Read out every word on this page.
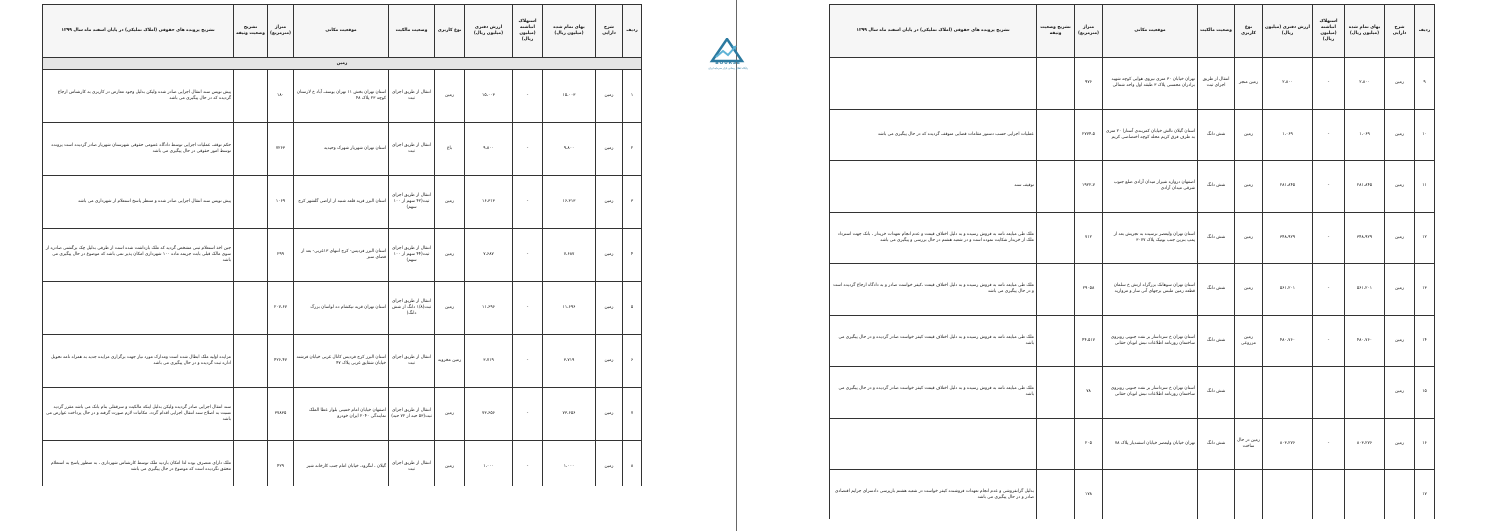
ردیف	شرح دارایی	بهای تمام شده (میلیون ریال)	استهلاک انباشته (میلیون ریال)	ارزش دفتری (میلیون ریال)	نوع کاربری	وضعیت مالکیت	موقعیت مکانی	متراژ (مترمربع)	تشریح وضعیت وثیقه	تشریح پرونده های حقوقی (املاک تملیکی) در پایان اسفند ماه سال ۱۳۹۹
زمین										
۱	زمین	۱۵،۰۰۳	-	۱۵،۰۰۳	زمین	انتقال از طریق اجرای ثبت	استان تهران بخش ۱۱ تهران یوسف آباد خ لارستان کوچه ۲۳ پلاک ۴۸	۱۸۰		پیش نویس سند انتقال اجرایی صادر شده ولیکن بدلیل وجود معارض در کاربری به کارشناس ارجاع گردیده که در حال پیگیری می باشد
۲	زمین	۹،۸۰۰	-	۹،۸۰۰	باغ	انتقال از طریق اجرای ثبت	استان تهران شهریار شهرک وحیدیه	۷۲۶۳		حکم توقف عملیات اجرایی توسط دادگاه عمومی حقوقی شهرستان شهریار صادر گردیده است پرونده توسط امور حقوقی در حال پیگیری می باشد
۳	زمین	۱۶،۳۱۳	-	۱۶،۳۱۳	زمین	انتقال از طریق اجرای ثبت(۴۲ سهم از ۱۰۰ سهم)	استان البرز قریه قلعه شنبه از اراضی گلشهر کرج	۱۰۶۹		پیش نویس سند انتقال اجرایی صادر شده و منتظر پاسخ استعلام از شهرداری می باشد
۴	زمین	۷،۶۸۷	-	۷،۶۸۷	زمین	انتقال از طریق اجرای ثبت(۴۴ سهم از ۱۰۰ سهم)	استان البرز فردیس- کرج انتهای ۱۳غربی- بعد از فضای سبز	۲۹۹		جبن اخذ استعلام ثبتی مشخص گردید که ملک بازداشت شده است از طرفی بدلیل چک برگشتی صادره از سوی مالک قبلی بابت جریمه ماده ۱۰۰ شهرداری امکان پذیر نمی باشد که موضوع در حال پیگیری می باشد
۵	زمین	۱۱،۶۹۶	-	۱۱،۶۹۶	زمین	انتقال از طریق اجرای ثبت(۱/۸ دانگ از شش دانگ)	استان تهران قریه تیکشام ده لواسان بزرگ	۲۰۷،۶۷		
۶	زمین	۳،۷۱۹	-	۳،۷۱۹	زمین مخروبه	انتقال از طریق اجرای ثبت	استان البرز کرج فردیس کانال غربی خیابان فرشته خیابان شقایق غربی پلاک ۴۷	۴۲۶،۴۷		مزایده اولیه ملک ابطال شده است ومدارک مورد نیاز جهت برگزاری مزایده جدید به همراه نامه تحویل اداره ثبت گردیده و در حال پیگیری می باشد
۷	زمین	۷۳،۶۵۶	-	۷۳،۶۵۶	زمین	انتقال از طریق اجرای ثبت(۵۳ حبه از ۷۲ حبه)	اصفهان خیابان امام خمینی بلوار عطا الملک نمایندگی ۲۰۴۰ ایران خودرو	۳۷۸۳۵		سند انتقال اجرایی صادر گردیده ولیکن بدلیل اینکه مالکیت و سرقفلی بنام بانک می باشد مقرر گردید نسبت به اصلاح سند انتقال اجرایی اقدام گردد. مکاتبات لازم صورت گرفته و در حال پرداخت عوارض می باشد
۸	زمین	۱،۰۰۰	-	۱،۰۰۰	زمین	انتقال از طریق اجرای ثبت	گیلان ، لنگرود، خیابان امام جنب کارخانه شیر	۴۲۹		ملک دارای متصرف بوده لذا امکان بازدید ملک توسط کارشناس شهرداری ، به منظور پاسخ به استعلام محقق نگردیده است که موضوع در حال پیگیری می باشد
BOURSE
پایگاه اطلاع رسانی بازار سرمایه ایران
ردیف	شرح دارایی	بهای تمام شده (میلیون ریال)	استهلاک انباشته (میلیون ریال)	ارزش دفتری (میلیون ریال)	نوع کاربری	وضعیت مالکیت	موقعیت مکانی	متراژ (مترمربع)	تشریح وضعیت وثیقه	تشریح پرونده های حقوقی (املاک تملیکی) در پایان اسفند ماه سال ۱۳۹۹
۹	زمین	۲،۸۰۰	-	۲،۸۰۰	زمین منجر	انتقال از طریق اجرای ثبت	تهران خیابان ۳۰ متری نیروی هوایی کوچه شهید برادران محسنی پلاک ۳ طبقه اول واحد شمالی	۹۷۶		
۱۰	زمین	۱،۰۶۹	-	۱،۰۶۹	زمین	شش دانگ	استان گیلان تالش خیابان کمربندی آستارا ۲۰ متری به طرف فرق کریم محله کوچه اختصاصی کریم	۲۷۷۴،۵		عملیات اجرایی حسب دستور مقامات قضایی متوقف گردیده که در حال پیگیری می باشد
۱۱	زمین	۲۸۱،۸۴۵	-	۲۸۱،۸۴۵	زمین	شش دانگ	اصفهان دروازه شیراز میدان آزادی ضلع جنوب شرقی میدان آزادی	۱۹۲۲،۷		توقیف سند
۱۲	زمین	۳۴۸،۹۲۹	-	۳۴۸،۹۲۹	زمین	شش دانگ	استان تهران ولیعصر نرسیده به تجریش بعد از پمپ بنزین جنب بوتیک پلاک ۳۰۷۷	۷۱۲		ملک طی مبایعه نامه به فروش رسیده و به دلیل اختلاف قیمت و عدم انجام تعهدات خریدار ، بانک جهت استرداد ملک از خریدار شکایت نموده است و در شعبه هشتم در حال بررسی و پیگیری می باشد
۱۳	زمین	۵۶۱،۲۰۱	-	۵۶۱،۲۰۱	زمین	شش دانگ	استان تهران سوهانک بزرگراه ارتش خ سلمان قطعه زمین ملبس برجهای آتی ساز و مروارید	۲۹۰۵۸		ملک طی مبایعه نامه به فروش رسیده و به دلیل اختلاف قیمت ،کیفر خواست صادر و به دادگاه ارجاع گردیده است و در حال پیگیری می باشد
۱۴	زمین	۴۸۰،۷۶۰	-	۴۸۰،۷۶۰	زمین مزروعی	شش دانگ	استان تهران خ سرداسار بر نفت جنوبی روبروی ساختمان روزنامه اطلاعات نبش اتوبان حقانی	۴۴،۵۱۷		ملک طی مبایعه نامه به فروش رسیده و به دلیل اختلاف قیمت کیفر خواست صادر گردیده و در حال پیگیری می باشد
۱۵	زمین					شش دانگ	استان تهران خ سرداسار بر نفت جنوبی روبروی ساختمان روزنامه اطلاعات نبش اتوبان حقانی	۷۸		ملک طی مبایعه نامه به فروش رسیده و به دلیل اختلاف قیمت کیفر خواست صادر گردیده و در حال پیگیری می باشد
۱۶	زمین	۸۰۳،۲۷۶	-	۸۰۳،۲۷۶	زمین در حال ساخت	شش دانگ	تهران خیابان ولیعصر خیابان اسفندیار پلاک ۷۸	۲۰۵		
۱۷								۱۷۸		بدلیل گرانفروشی و عدم انجام تعهدات فروشنده کیفر خواست در شعبه هشتم بازپرسی دادسرای جرایم اقتصادی صادر و در حال پیگیری می باشد
